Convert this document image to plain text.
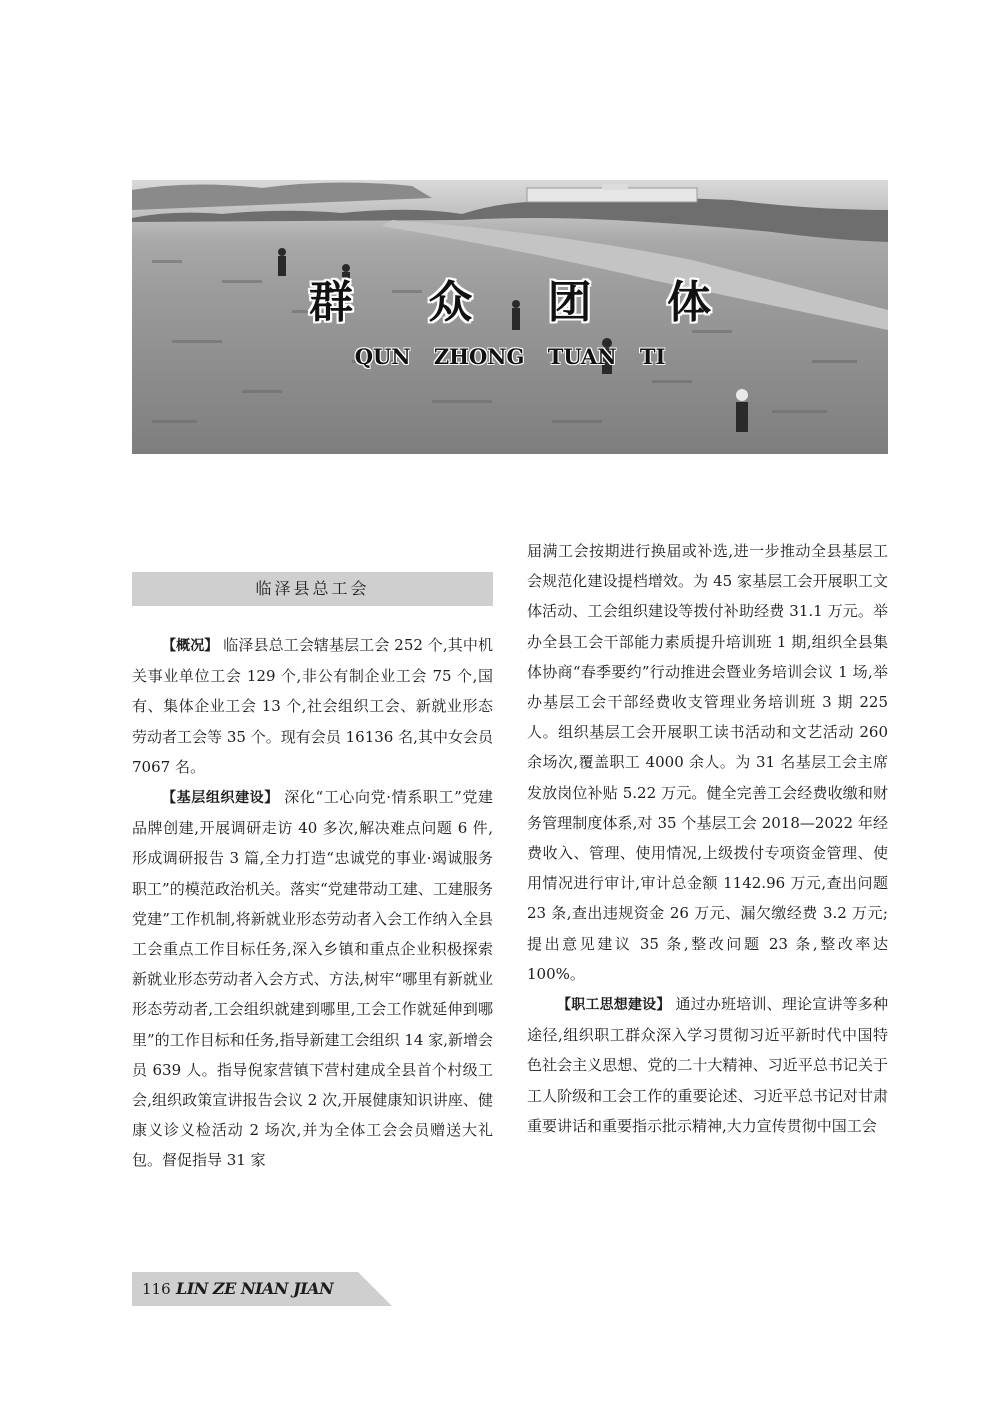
群 众 团 体
QUN ZHONG TUAN TI
临泽县总工会

【概况】 临泽县总工会辖基层工会 252 个,其中机关事业单位工会 129 个,非公有制企业工会 75 个,国有、集体企业工会 13 个,社会组织工会、新就业形态劳动者工会等 35 个。现有会员 16136 名,其中女会员 7067 名。

【基层组织建设】 深化“工心向党·情系职工”党建品牌创建,开展调研走访 40 多次,解决难点问题 6 件,形成调研报告 3 篇,全力打造“忠诚党的事业·竭诚服务职工”的模范政治机关。落实“党建带动工建、工建服务党建”工作机制,将新就业形态劳动者入会工作纳入全县工会重点工作目标任务,深入乡镇和重点企业积极探索新就业形态劳动者入会方式、方法,树牢“哪里有新就业形态劳动者,工会组织就建到哪里,工会工作就延伸到哪里”的工作目标和任务,指导新建工会组织 14 家,新增会员 639 人。指导倪家营镇下营村建成全县首个村级工会,组织政策宣讲报告会议 2 次,开展健康知识讲座、健康义诊义检活动 2 场次,并为全体工会会员赠送大礼包。督促指导 31 家

届满工会按期进行换届或补选,进一步推动全县基层工会规范化建设提档增效。为 45 家基层工会开展职工文体活动、工会组织建设等拨付补助经费 31.1 万元。举办全县工会干部能力素质提升培训班 1 期,组织全县集体协商“春季要约”行动推进会暨业务培训会议 1 场,举办基层工会干部经费收支管理业务培训班 3 期 225 人。组织基层工会开展职工读书活动和文艺活动 260 余场次,覆盖职工 4000 余人。为 31 名基层工会主席发放岗位补贴 5.22 万元。健全完善工会经费收缴和财务管理制度体系,对 35 个基层工会 2018—2022 年经费收入、管理、使用情况,上级拨付专项资金管理、使用情况进行审计,审计总金额 1142.96 万元,查出问题 23 条,查出违规资金 26 万元、漏欠缴经费 3.2 万元;提出意见建议 35 条,整改问题 23 条,整改率达 100%。

【职工思想建设】 通过办班培训、理论宣讲等多种途径,组织职工群众深入学习贯彻习近平新时代中国特色社会主义思想、党的二十大精神、习近平总书记关于工人阶级和工会工作的重要论述、习近平总书记对甘肃重要讲话和重要指示批示精神,大力宣传贯彻中国工会

116 LIN ZE NIAN JIAN
